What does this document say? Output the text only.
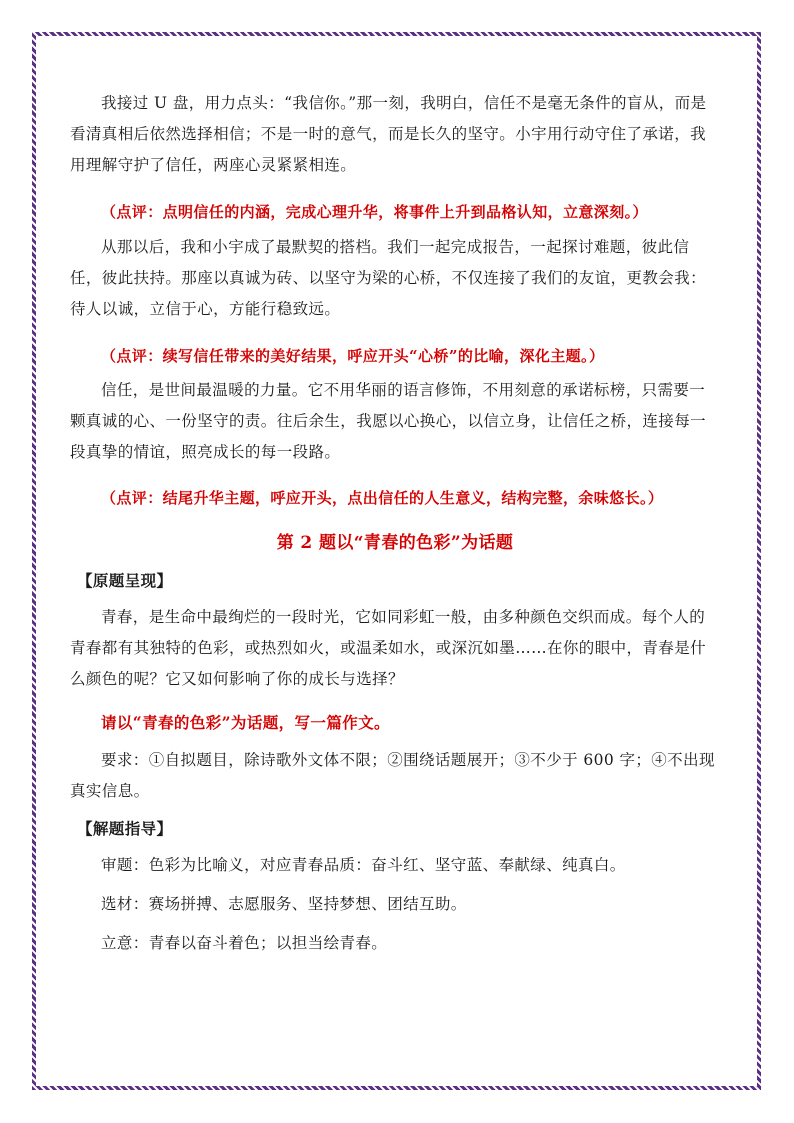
我接过 U 盘，用力点头：“我信你。”那一刻，我明白，信任不是毫无条件的盲从，而是看清真相后依然选择相信；不是一时的意气，而是长久的坚守。小宇用行动守住了承诺，我用理解守护了信任，两座心灵紧紧相连。

（点评：点明信任的内涵，完成心理升华，将事件上升到品格认知，立意深刻。）

从那以后，我和小宇成了最默契的搭档。我们一起完成报告，一起探讨难题，彼此信任，彼此扶持。那座以真诚为砖、以坚守为梁的心桥，不仅连接了我们的友谊，更教会我：待人以诚，立信于心，方能行稳致远。

（点评：续写信任带来的美好结果，呼应开头“心桥”的比喻，深化主题。）

信任，是世间最温暖的力量。它不用华丽的语言修饰，不用刻意的承诺标榜，只需要一颗真诚的心、一份坚守的责。往后余生，我愿以心换心，以信立身，让信任之桥，连接每一段真挚的情谊，照亮成长的每一段路。

（点评：结尾升华主题，呼应开头，点出信任的人生意义，结构完整，余味悠长。）

第 2 题以“青春的色彩”为话题

【原题呈现】

青春，是生命中最绚烂的一段时光，它如同彩虹一般，由多种颜色交织而成。每个人的青春都有其独特的色彩，或热烈如火，或温柔如水，或深沉如墨……在你的眼中，青春是什么颜色的呢？它又如何影响了你的成长与选择？

请以“青春的色彩”为话题，写一篇作文。

要求：①自拟题目，除诗歌外文体不限；②围绕话题展开；③不少于 600 字；④不出现真实信息。

【解题指导】

审题：色彩为比喻义，对应青春品质：奋斗红、坚守蓝、奉献绿、纯真白。

选材：赛场拼搏、志愿服务、坚持梦想、团结互助。

立意：青春以奋斗着色；以担当绘青春。
